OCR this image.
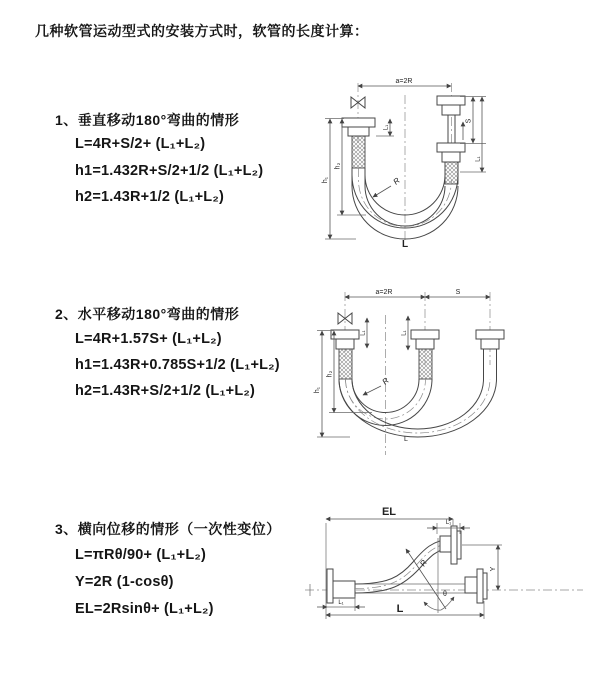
几种软管运动型式的安装方式时，软管的长度计算：
1、垂直移动180°弯曲的情形
L=4R+S/2+ (L₁+L₂)
h1=1.432R+S/2+1/2 (L₁+L₂)
h2=1.43R+1/2 (L₁+L₂)
2、水平移动180°弯曲的情形
L=4R+1.57S+ (L₁+L₂)
h1=1.43R+0.785S+1/2 (L₁+L₂)
h2=1.43R+S/2+1/2 (L₁+L₂)
3、横向位移的情形（一次性变位）
L=πRθ/90+ (L₁+L₂)
Y=2R (1-cosθ)
EL=2Rsinθ+ (L₁+L₂)
a=2R
h₁
h₂
L₁
S
L₁
R
L
a=2R	S
h₁
h₂
L₁	L₁
R
L
R
θ
EL
L₁
Y
L
L₁
